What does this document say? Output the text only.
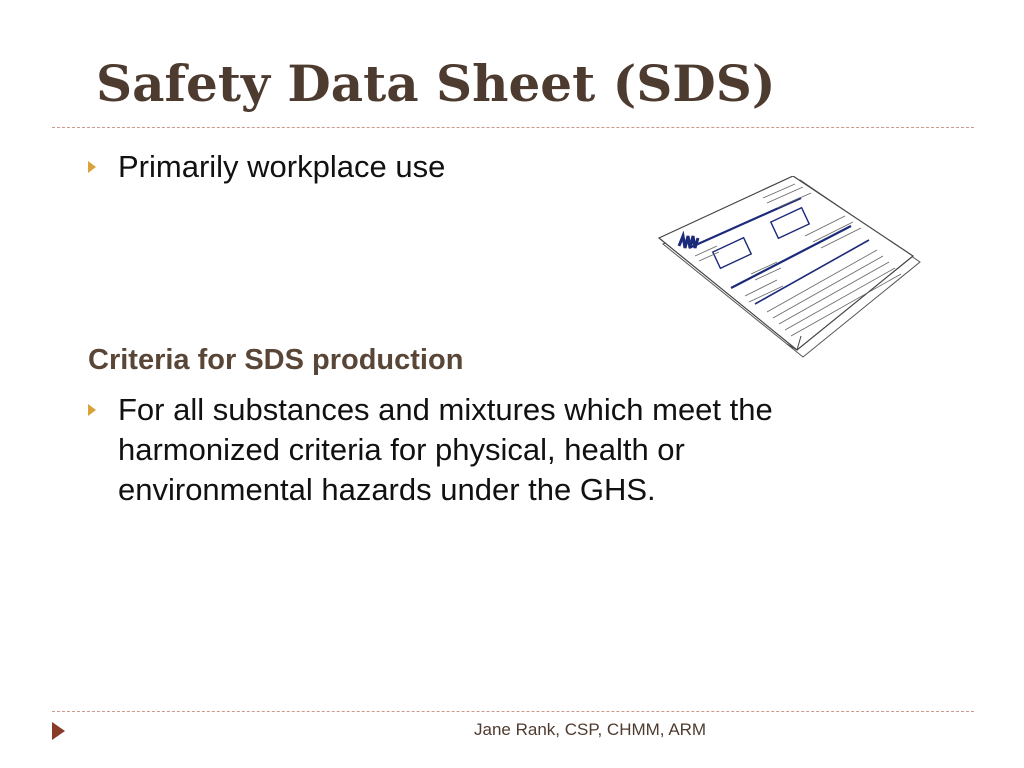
Safety Data Sheet (SDS)
Primarily workplace use
Criteria for SDS production
For all substances and mixtures which meet the harmonized criteria for physical, health or environmental hazards under the GHS.
Jane Rank, CSP, CHMM, ARM
